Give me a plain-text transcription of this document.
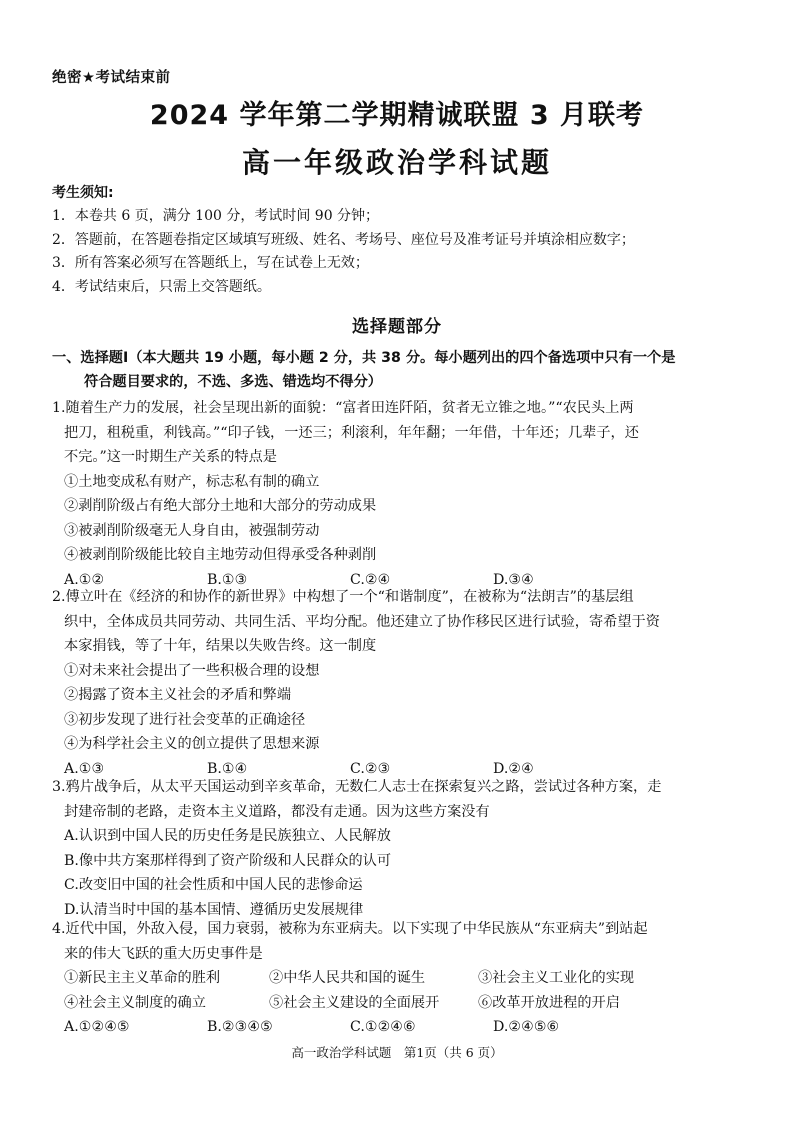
绝密★考试结束前
2024 学年第二学期精诚联盟 3 月联考
高一年级政治学科试题
考生须知:
1．本卷共 6 页，满分 100 分，考试时间 90 分钟；
2．答题前，在答题卷指定区域填写班级、姓名、考场号、座位号及准考证号并填涂相应数字；
3．所有答案必须写在答题纸上，写在试卷上无效；
4．考试结束后，只需上交答题纸。
选择题部分
一、选择题Ⅰ（本大题共 19 小题，每小题 2 分，共 38 分。每小题列出的四个备选项中只有一个是
符合题目要求的，不选、多选、错选均不得分）
1.随着生产力的发展，社会呈现出新的面貌：“富者田连阡陌，贫者无立锥之地。”“农民头上两
把刀，租税重，利钱高。”“印子钱，一还三；利滚利，年年翻；一年借，十年还；几辈子，还
不完。”这一时期生产关系的特点是
①土地变成私有财产，标志私有制的确立
②剥削阶级占有绝大部分土地和大部分的劳动成果
③被剥削阶级毫无人身自由，被强制劳动
④被剥削阶级能比较自主地劳动但得承受各种剥削
A.①②	B.①③	C.②④	D.③④
2.傅立叶在《经济的和协作的新世界》中构想了一个“和谐制度”，在被称为“法朗吉”的基层组
织中，全体成员共同劳动、共同生活、平均分配。他还建立了协作移民区进行试验，寄希望于资
本家捐钱，等了十年，结果以失败告终。这一制度
①对未来社会提出了一些积极合理的设想
②揭露了资本主义社会的矛盾和弊端
③初步发现了进行社会变革的正确途径
④为科学社会主义的创立提供了思想来源
A.①③	B.①④	C.②③	D.②④
3.鸦片战争后，从太平天国运动到辛亥革命，无数仁人志士在探索复兴之路，尝试过各种方案，走
封建帝制的老路，走资本主义道路，都没有走通。因为这些方案没有
A.认识到中国人民的历史任务是民族独立、人民解放
B.像中共方案那样得到了资产阶级和人民群众的认可
C.改变旧中国的社会性质和中国人民的悲惨命运
D.认清当时中国的基本国情、遵循历史发展规律
4.近代中国，外敌入侵，国力衰弱，被称为东亚病夫。以下实现了中华民族从“东亚病夫”到站起
来的伟大飞跃的重大历史事件是
①新民主主义革命的胜利	②中华人民共和国的诞生	③社会主义工业化的实现
④社会主义制度的确立	⑤社会主义建设的全面展开	⑥改革开放进程的开启
A.①②④⑤	B.②③④⑤	C.①②④⑥	D.②④⑤⑥
高一政治学科试题　第1页（共 6 页）
